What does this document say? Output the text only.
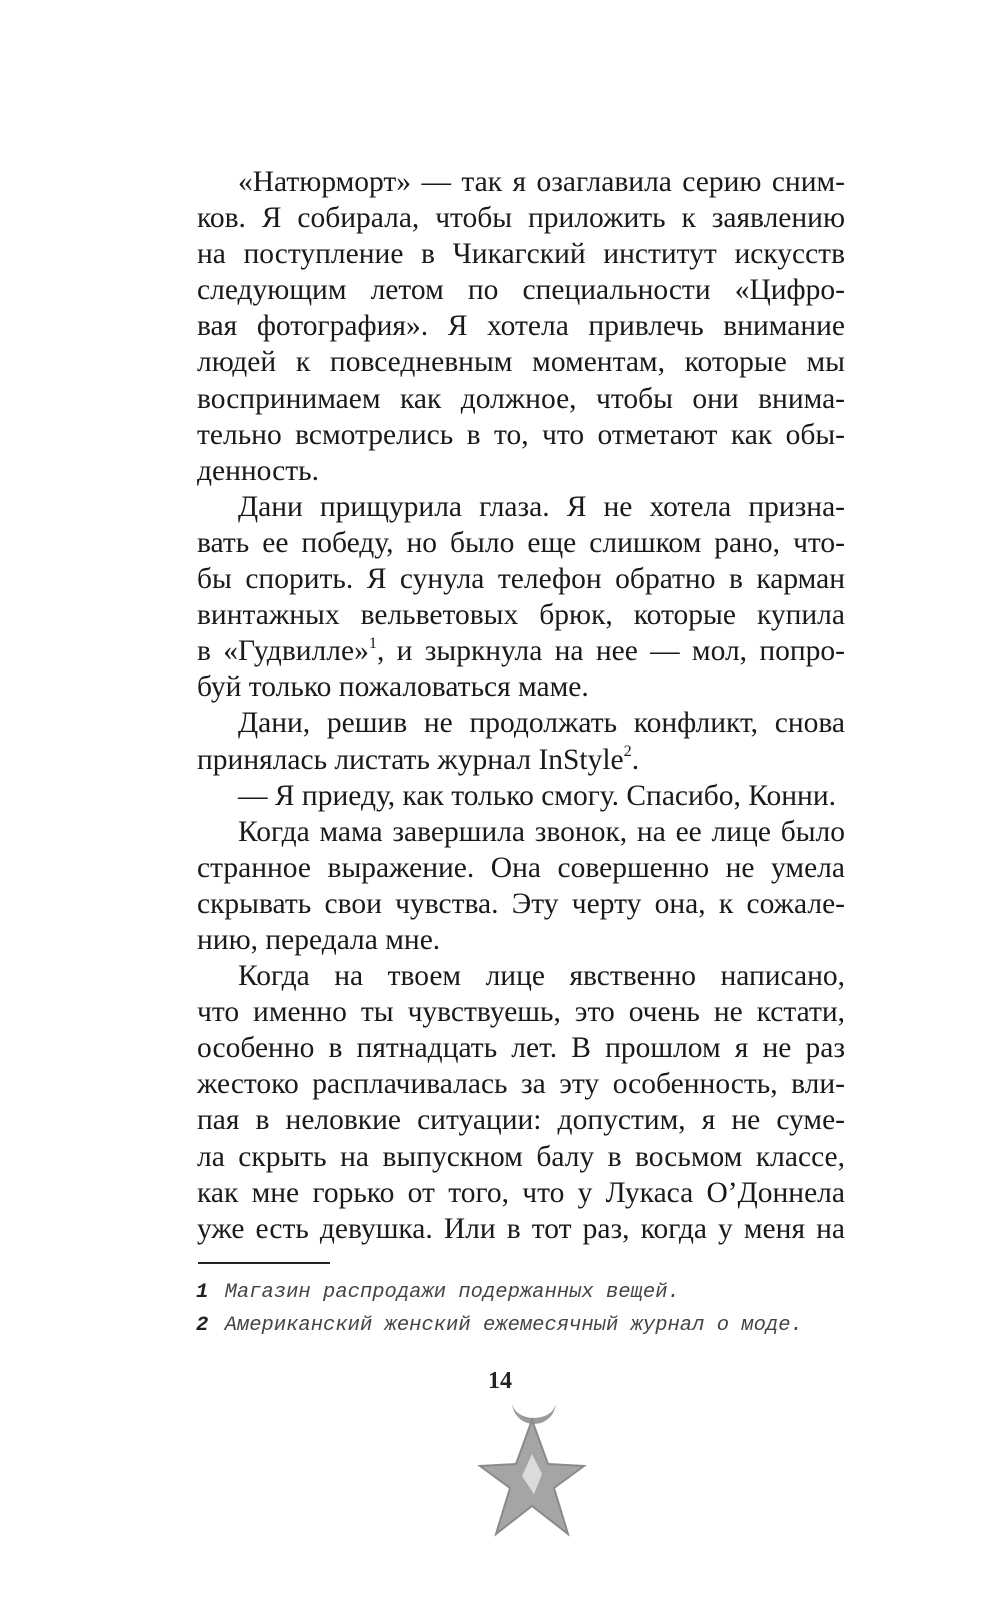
«Натюрморт» — так я озаглавила серию сним-

ков. Я собирала, чтобы приложить к заявлению

на поступление в Чикагский институт искусств

следующим летом по специальности «Цифро-

вая фотография». Я хотела привлечь внимание

людей к повседневным моментам, которые мы

воспринимаем как должное, чтобы они внима-

тельно всмотрелись в то, что отметают как обы-

денность.

Дани прищурила глаза. Я не хотела призна-

вать ее победу, но было еще слишком рано, что-

бы спорить. Я сунула телефон обратно в карман

винтажных вельветовых брюк, которые купила

в «Гудвилле»$^1$, и зыркнула на нее — мол, попро-

буй только пожаловаться маме.

Дани, решив не продолжать конфликт, снова

принялась листать журнал InStyle$^2$.

— Я приеду, как только смогу. Спасибо, Конни.

Когда мама завершила звонок, на ее лице было

странное выражение. Она совершенно не умела

скрывать свои чувства. Эту черту она, к сожале-

нию, передала мне.

Когда на твоем лице явственно написано,

что именно ты чувствуешь, это очень не кстати,

особенно в пятнадцать лет. В прошлом я не раз

жестоко расплачивалась за эту особенность, вли-

пая в неловкие ситуации: допустим, я не суме-

ла скрыть на выпускном балу в восьмом классе,

как мне горько от того, что у Лукаса О’Доннела

уже есть девушка. Или в тот раз, когда у меня на

1 Магазин распродажи подержанных вещей.
2 Американский женский ежемесячный журнал о моде.
14
